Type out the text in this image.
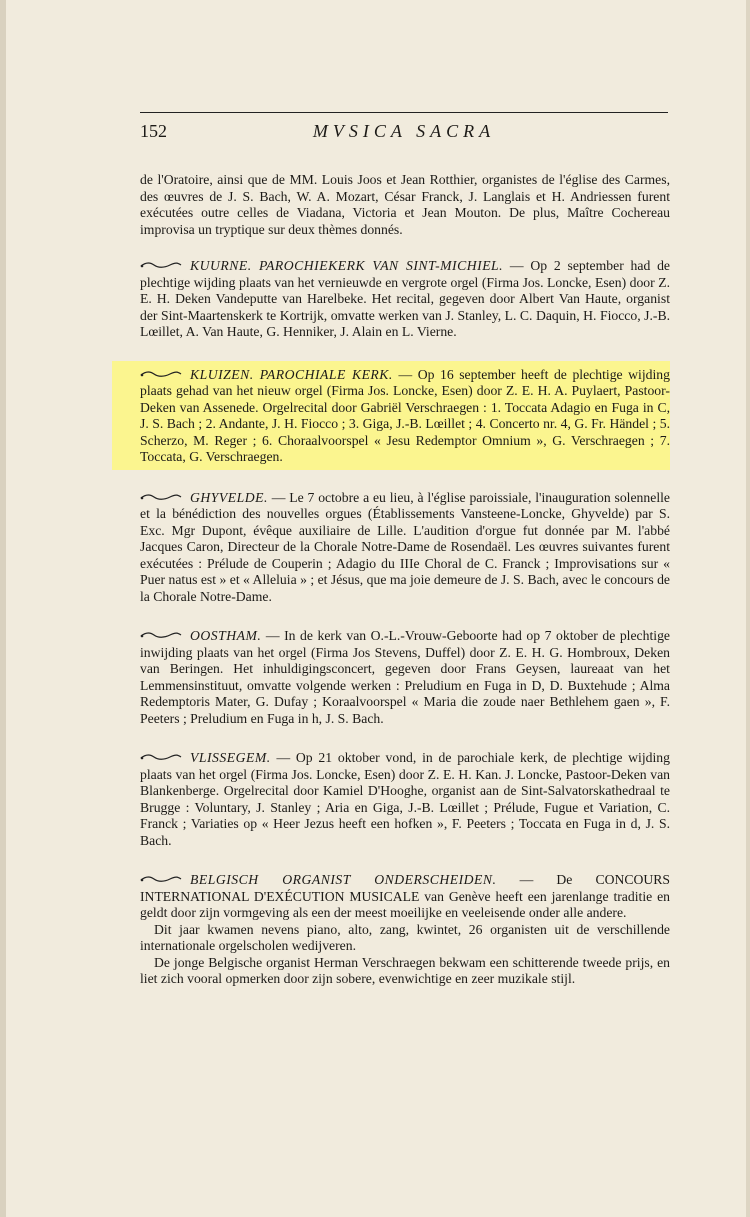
152	MVSICA SACRA

de l'Oratoire, ainsi que de MM. Louis Joos et Jean Rotthier, organistes de l'église des Carmes, des œuvres de J. S. Bach, W. A. Mozart, César Franck, J. Langlais et H. Andriessen furent exécutées outre celles de Viadana, Victoria et Jean Mouton. De plus, Maître Cochereau improvisa un tryptique sur deux thèmes donnés.

KUURNE. PAROCHIEKERK VAN SINT-MICHIEL. — Op 2 september had de plechtige wijding plaats van het vernieuwde en vergrote orgel (Firma Jos. Loncke, Esen) door Z. E. H. Deken Vandeputte van Harelbeke. Het recital, gegeven door Albert Van Haute, organist der Sint-Maartenskerk te Kortrijk, omvatte werken van J. Stanley, L. C. Daquin, H. Fiocco, J.-B. Lœillet, A. Van Haute, G. Henniker, J. Alain en L. Vierne.

KLUIZEN. PAROCHIALE KERK. — Op 16 september heeft de plechtige wijding plaats gehad van het nieuw orgel (Firma Jos. Loncke, Esen) door Z. E. H. A. Puylaert, Pastoor-Deken van Assenede. Orgelrecital door Gabriël Verschraegen : 1. Toccata Adagio en Fuga in C, J. S. Bach ; 2. Andante, J. H. Fiocco ; 3. Giga, J.-B. Lœillet ; 4. Concerto nr. 4, G. Fr. Händel ; 5. Scherzo, M. Reger ; 6. Choraalvoorspel « Jesu Redemptor Omnium », G. Verschraegen ; 7. Toccata, G. Verschraegen.

GHYVELDE. — Le 7 octobre a eu lieu, à l'église paroissiale, l'inauguration solennelle et la bénédiction des nouvelles orgues (Établissements Vansteene-Loncke, Ghyvelde) par S. Exc. Mgr Dupont, évêque auxiliaire de Lille. L'audition d'orgue fut donnée par M. l'abbé Jacques Caron, Directeur de la Chorale Notre-Dame de Rosendaël. Les œuvres suivantes furent exécutées : Prélude de Couperin ; Adagio du IIIe Choral de C. Franck ; Improvisations sur « Puer natus est » et « Alleluia » ; et Jésus, que ma joie demeure de J. S. Bach, avec le concours de la Chorale Notre-Dame.

OOSTHAM. — In de kerk van O.-L.-Vrouw-Geboorte had op 7 oktober de plechtige inwijding plaats van het orgel (Firma Jos Stevens, Duffel) door Z. E. H. G. Hombroux, Deken van Beringen. Het inhuldigingsconcert, gegeven door Frans Geysen, laureaat van het Lemmensinstituut, omvatte volgende werken : Preludium en Fuga in D, D. Buxtehude ; Alma Redemptoris Mater, G. Dufay ; Koraalvoorspel « Maria die zoude naer Bethlehem gaen », F. Peeters ; Preludium en Fuga in h, J. S. Bach.

VLISSEGEM. — Op 21 oktober vond, in de parochiale kerk, de plechtige wijding plaats van het orgel (Firma Jos. Loncke, Esen) door Z. E. H. Kan. J. Loncke, Pastoor-Deken van Blankenberge. Orgelrecital door Kamiel D'Hooghe, organist aan de Sint-Salvatorskathedraal te Brugge : Voluntary, J. Stanley ; Aria en Giga, J.-B. Lœillet ; Prélude, Fugue et Variation, C. Franck ; Variaties op « Heer Jezus heeft een hofken », F. Peeters ; Toccata en Fuga in d, J. S. Bach.

BELGISCH ORGANIST ONDERSCHEIDEN. — De CONCOURS INTERNATIONAL D'EXÉCUTION MUSICALE van Genève heeft een jarenlange traditie en geldt door zijn vormgeving als een der meest moeilijke en veeleisende onder alle andere.

Dit jaar kwamen nevens piano, alto, zang, kwintet, 26 organisten uit de verschillende internationale orgelscholen wedijveren.

De jonge Belgische organist Herman Verschraegen bekwam een schitterende tweede prijs, en liet zich vooral opmerken door zijn sobere, evenwichtige en zeer muzikale stijl.
